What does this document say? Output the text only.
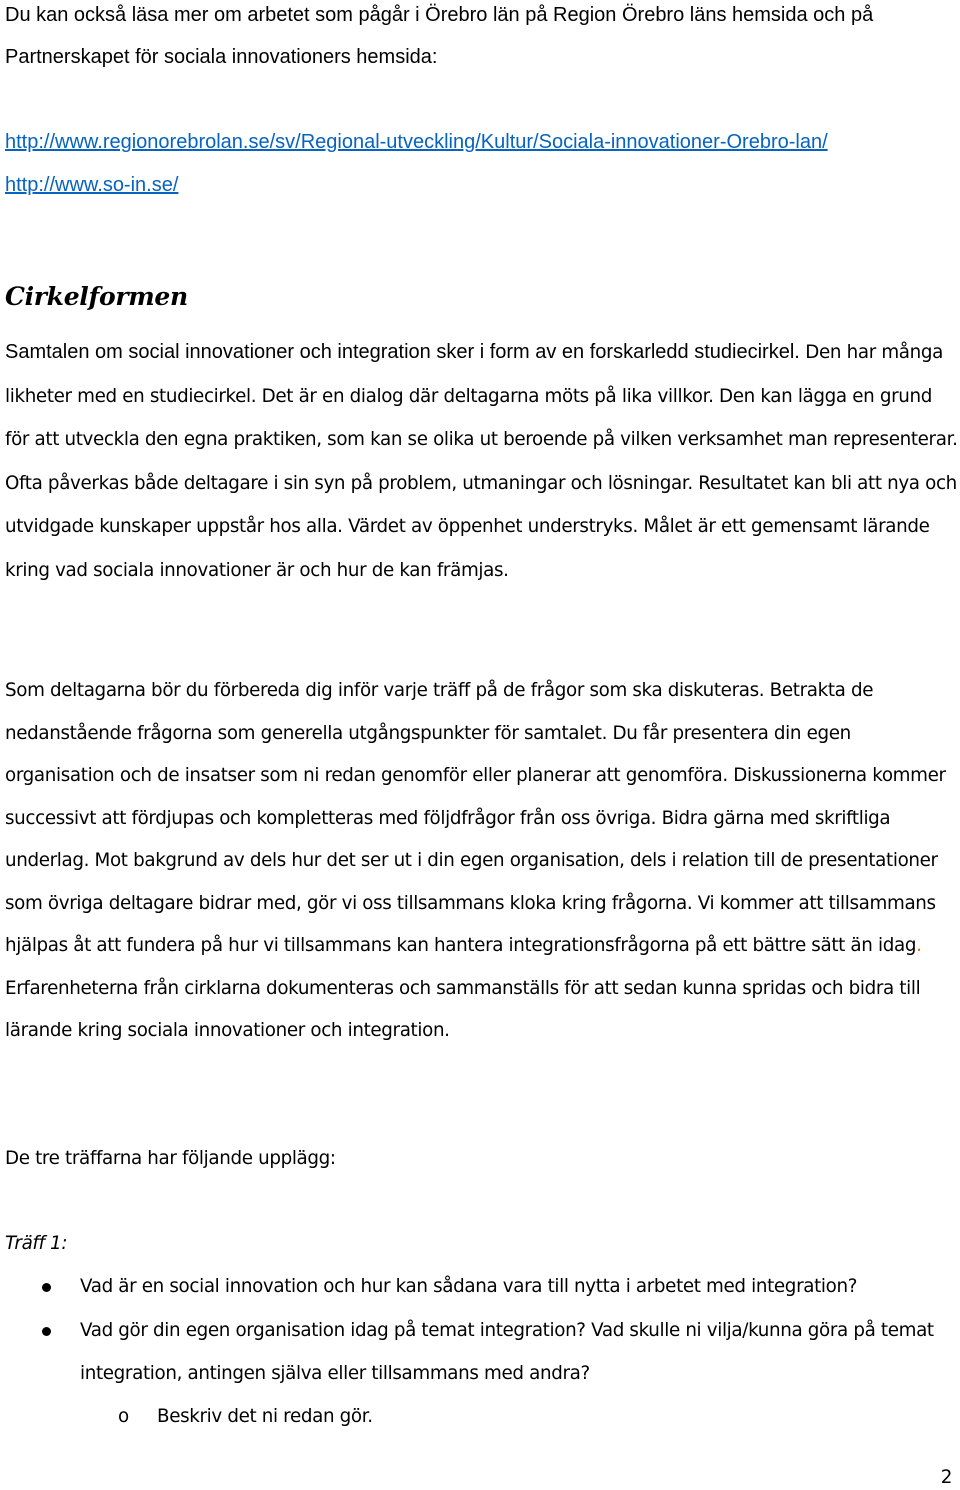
Du kan också läsa mer om arbetet som pågår i Örebro län på Region Örebro läns hemsida och på
Partnerskapet för sociala innovationers hemsida:
http://www.regionorebrolan.se/sv/Regional-utveckling/Kultur/Sociala-innovationer-Orebro-lan/
http://www.so-in.se/
Cirkelformen
Samtalen om social innovationer och integration sker i form av en forskarledd studiecirkel. Den har många likheter med en studiecirkel. Det är en dialog där deltagarna möts på lika villkor. Den kan lägga en grund för att utveckla den egna praktiken, som kan se olika ut beroende på vilken verksamhet man representerar. Ofta påverkas både deltagare i sin syn på problem, utmaningar och lösningar. Resultatet kan bli att nya och utvidgade kunskaper uppstår hos alla. Värdet av öppenhet understryks. Målet är ett gemensamt lärande kring vad sociala innovationer är och hur de kan främjas.

Som deltagarna bör du förbereda dig inför varje träff på de frågor som ska diskuteras. Betrakta de nedanstående frågorna som generella utgångspunkter för samtalet. Du får presentera din egen organisation och de insatser som ni redan genomför eller planerar att genomföra. Diskussionerna kommer successivt att fördjupas och kompletteras med följdfrågor från oss övriga. Bidra gärna med skriftliga underlag. Mot bakgrund av dels hur det ser ut i din egen organisation, dels i relation till de presentationer som övriga deltagare bidrar med, gör vi oss tillsammans kloka kring frågorna. Vi kommer att tillsammans hjälpas åt att fundera på hur vi tillsammans kan hantera integrationsfrågorna på ett bättre sätt än idag. Erfarenheterna från cirklarna dokumenteras och sammanställs för att sedan kunna spridas och bidra till lärande kring sociala innovationer och integration.

De tre träffarna har följande upplägg:
Träff 1:
Vad är en social innovation och hur kan sådana vara till nytta i arbetet med integration?
Vad gör din egen organisation idag på temat integration? Vad skulle ni vilja/kunna göra på temat integration, antingen själva eller tillsammans med andra?
o Beskriv det ni redan gör.
2
